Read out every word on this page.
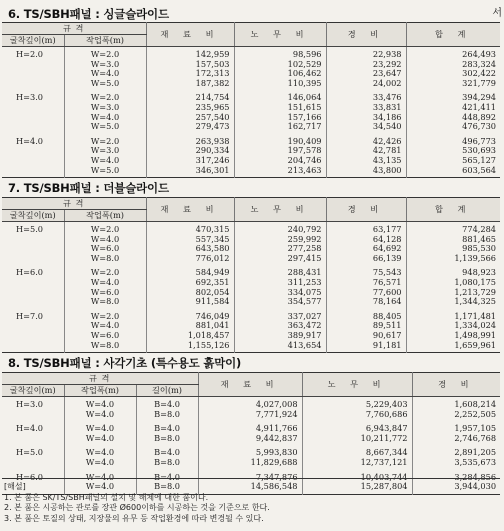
서
6. TS/SBH패널 : 싱글슬라이드
규 격		재 료 비	노 무 비	경 비	합 계
굴착깊이(m)	작업폭(m)				
H=2.0	W=2.0	142,959	98,596	22,938	264,493
	W=3.0	157,503	102,529	23,292	283,324
	W=4.0	172,313	106,462	23,647	302,422
	W=5.0	187,382	110,395	24,002	321,779
H=3.0	W=2.0	214,754	146,064	33,476	394,294
	W=3.0	235,965	151,615	33,831	421,411
	W=4.0	257,540	157,166	34,186	448,892
	W=5.0	279,473	162,717	34,540	476,730
H=4.0	W=2.0	263,938	190,409	42,426	496,773
	W=3.0	290,334	197,578	42,781	530,693
	W=4.0	317,246	204,746	43,135	565,127
	W=5.0	346,301	213,463	43,800	603,564
7. TS/SBH패널 : 더블슬라이드
규 격		재 료 비	노 무 비	경 비	합 계
굴착깊이(m)	작업폭(m)				
H=5.0	W=2.0	470,315	240,792	63,177	774,284
	W=4.0	557,345	259,992	64,128	881,465
	W=6.0	643,580	277,258	64,692	985,530
	W=8.0	776,012	297,415	66,139	1,139,566
H=6.0	W=2.0	584,949	288,431	75,543	948,923
	W=4.0	692,351	311,253	76,571	1,080,175
	W=6.0	802,054	334,075	77,600	1,213,729
	W=8.0	911,584	354,577	78,164	1,344,325
H=7.0	W=2.0	746,049	337,027	88,405	1,171,481
	W=4.0	881,041	363,472	89,511	1,334,024
	W=6.0	1,018,457	389,917	90,617	1,498,991
	W=8.0	1,155,126	413,654	91,181	1,659,961
8. TS/SBH패널 : 사각기초 (특수용도 흙막이)
규 격			재 료 비	노 무 비	경 비
굴착깊이(m)	작업폭(m)	길이(m)			
H=3.0	W=4.0	B=4.0	4,027,008	5,229,403	1,608,214
	W=4.0	B=8.0	7,771,924	7,760,686	2,252,505
H=4.0	W=4.0	B=4.0	4,911,766	6,943,847	1,957,105
	W=4.0	B=8.0	9,442,837	10,211,772	2,746,768
H=5.0	W=4.0	B=4.0	5,993,830	8,667,344	2,891,205
	W=4.0	B=8.0	11,829,688	12,737,121	3,535,673
H=6.0	W=4.0	B=4.0	7,347,876	10,403,744	3,284,856
	W=4.0	B=8.0	14,586,548	15,287,804	3,944,030
[해설]
1. 본 품은 SK/TS/SBH패널의 설치 및 해체에 대한 품이다.
2. 본 품은 시공하는 관로를 장관 Ø600이하를 시공하는 것을 기준으로 한다.
3. 본 품은 토질의 상태, 지장물의 유무 등 작업환경에 따라 변경될 수 있다.
